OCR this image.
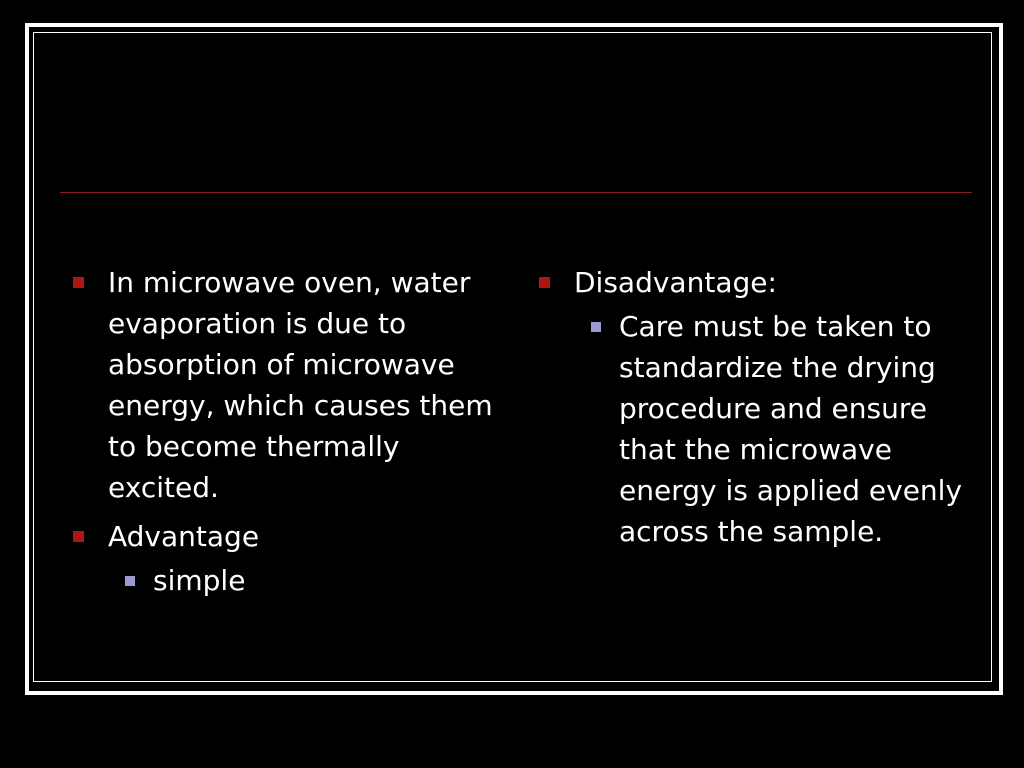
In microwave oven, water evaporation is due to absorption of microwave energy, which causes them to become thermally excited.
Advantage
simple
Disadvantage:
Care must be taken to standardize the drying procedure and ensure that the microwave energy is applied evenly across the sample.
